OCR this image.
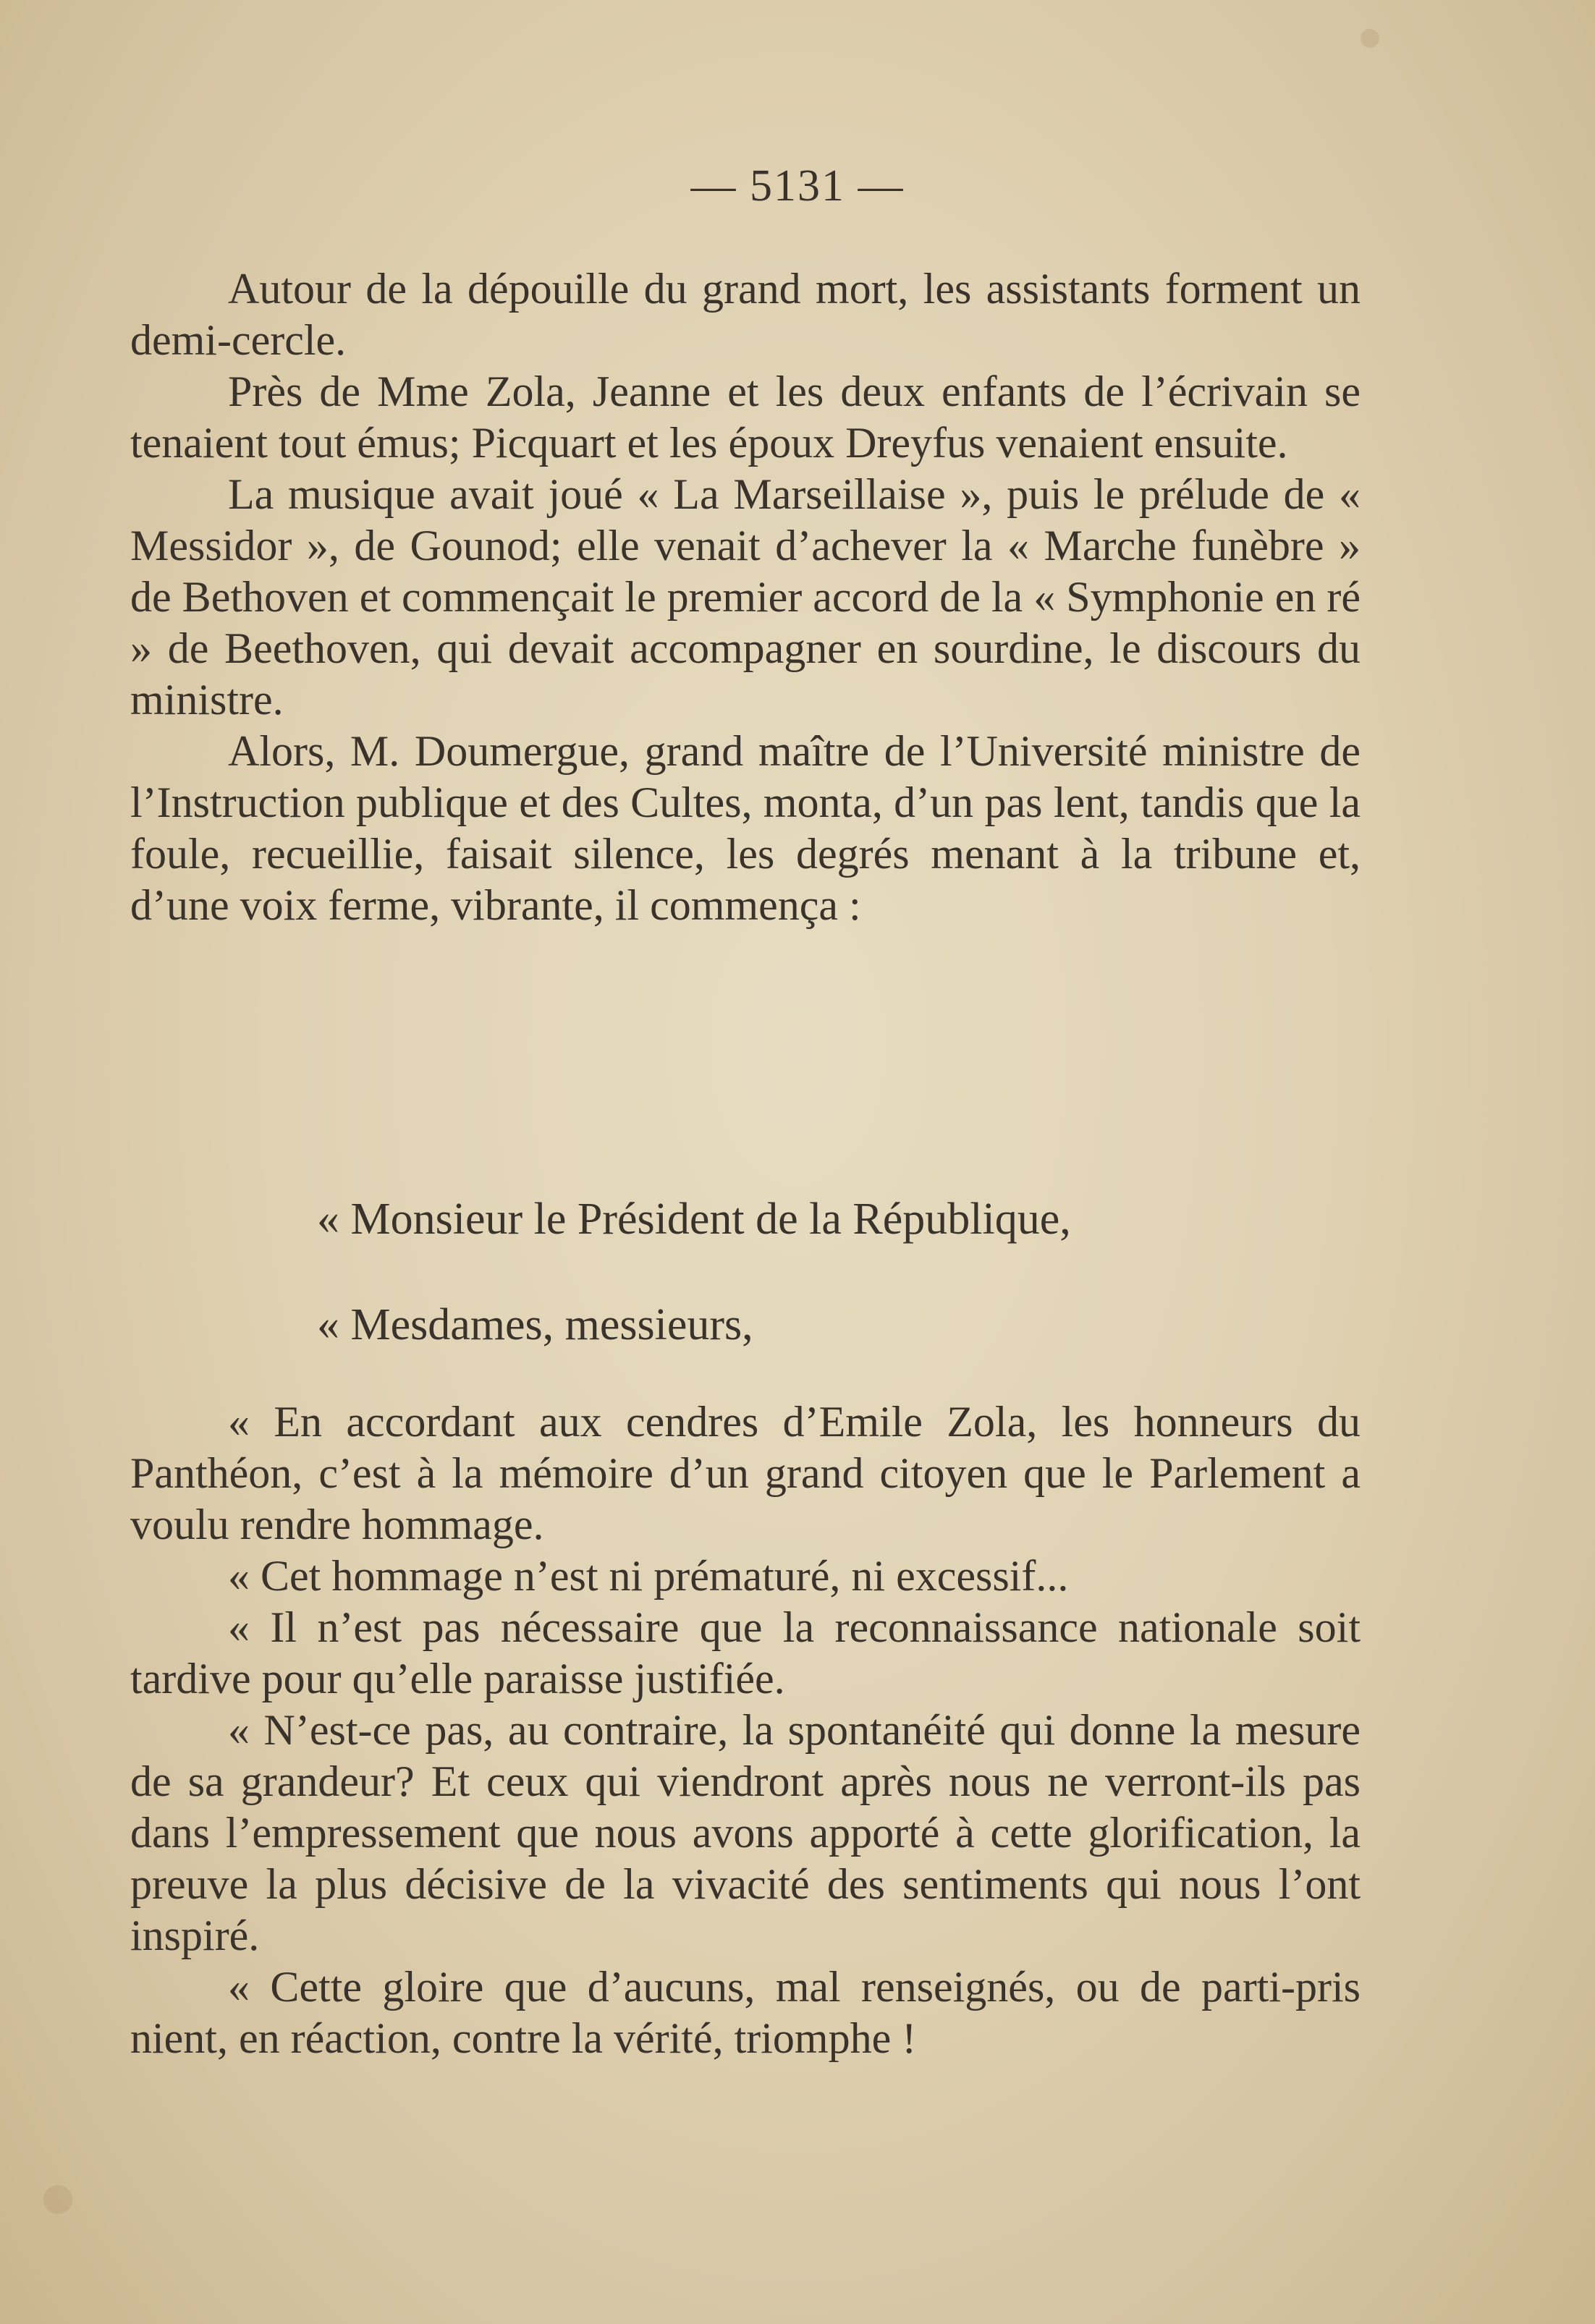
— 5131 —

Autour de la dépouille du grand mort, les assistants forment un demi-cercle.

Près de Mme Zola, Jeanne et les deux enfants de l’écrivain se tenaient tout émus; Picquart et les époux Dreyfus venaient ensuite.

La musique avait joué « La Marseillaise », puis le prélude de « Messidor », de Gounod; elle venait d’achever la « Marche funèbre » de Bethoven et commençait le premier accord de la « Symphonie en ré » de Beethoven, qui devait accompagner en sourdine, le discours du ministre.

Alors, M. Doumergue, grand maître de l’Université ministre de l’Instruction publique et des Cultes, monta, d’un pas lent, tandis que la foule, recueillie, faisait silence, les degrés menant à la tribune et, d’une voix ferme, vibrante, il commença :

« Monsieur le Président de la République,
« Mesdames, messieurs,

« En accordant aux cendres d’Emile Zola, les honneurs du Panthéon, c’est à la mémoire d’un grand citoyen que le Parlement a voulu rendre hommage.

« Cet hommage n’est ni prématuré, ni excessif...

« Il n’est pas nécessaire que la reconnaissance nationale soit tardive pour qu’elle paraisse justifiée.

« N’est-ce pas, au contraire, la spontanéité qui donne la mesure de sa grandeur? Et ceux qui viendront après nous ne verront-ils pas dans l’empressement que nous avons apporté à cette glorification, la preuve la plus décisive de la vivacité des sentiments qui nous l’ont inspiré.

« Cette gloire que d’aucuns, mal renseignés, ou de parti-pris nient, en réaction, contre la vérité, triomphe !
